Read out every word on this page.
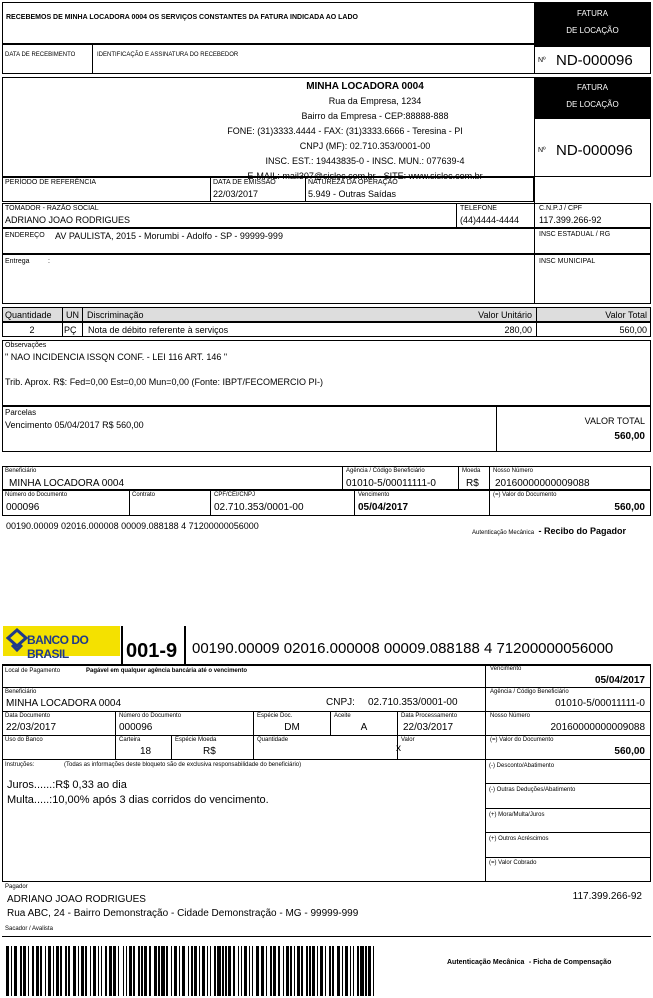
RECEBEMOS DE MINHA LOCADORA 0004 OS SERVIÇOS CONSTANTES DA FATURA INDICADA AO LADO
DATA DE RECEBIMENTO	IDENTIFICAÇÃO E ASSINATURA DO RECEBEDOR
FATURA
DE LOCAÇÃO
Nº ND-000096
MINHA LOCADORA 0004
Rua da Empresa, 1234
Bairro da Empresa - CEP:88888-888
FONE: (31)3333.4444 - FAX: (31)3333.6666 - Teresina - PI
CNPJ (MF): 02.710.353/0001-00
INSC. EST.: 19443835-0 - INSC. MUN.: 077639-4
E-MAIL: mail307@sisloc.com.br - SITE: www.sisloc.com.br
FATURA
DE LOCAÇÃO
Nº ND-000096
PERÍODO DE REFERÊNCIA	DATA DE EMISSÃO
22/03/2017
NATUREZA DA OPERAÇÃO
5.949 - Outras Saídas
TOMADOR - RAZÃO SOCIAL
ADRIANO JOAO RODRIGUES
TELEFONE
(44)4444-4444
C.N.P.J / CPF
117.399.266-92
ENDEREÇO AV PAULISTA, 2015 - Morumbi - Adolfo - SP - 99999-999	INSC ESTADUAL / RG
Entrega	:	INSC MUNICIPAL
Quantidade UN Discriminação	Valor Unitário	Valor Total
2	PÇ Nota de débito referente à serviços	280,00	560,00
Observações
" NAO INCIDENCIA ISSQN CONF. - LEI 116 ART. 146 "
Trib. Aprox. R$: Fed=0,00 Est=0,00 Mun=0,00 (Fonte: IBPT/FECOMERCIO PI-)
Parcelas
Vencimento 05/04/2017 R$ 560,00	VALOR TOTAL
560,00
Beneficiário
MINHA LOCADORA 0004
Agência / Código Beneficiário
01010-5/00011111-0
Moeda
R$
Nosso Número
20160000000009088
Número do Documento
000096
Contrato	CPF/CEI/CNPJ
02.710.353/0001-00
Vencimento
05/04/2017
(=) Valor do Documento
560,00
00190.00009 02016.000008 00009.088188 4 71200000056000
Autenticação Mecânica - Recibo do Pagador
BANCO DO BRASIL	001-9 00190.00009 02016.000008 00009.088188 4 71200000056000
Local de Pagamento	Pagável em qualquer agência bancária até o vencimento	Vencimento
05/04/2017
Beneficiário
MINHA LOCADORA 0004	CNPJ: 02.710.353/0001-00
Agência / Código Beneficiário
01010-5/00011111-0
Data Documento
22/03/2017
Número do Documento
000096
Espécie Doc.
DM
Aceite
A
Data Processamento
22/03/2017
Nosso Número
20160000000009088
Uso do Banco	Carteira
18
Espécie Moeda
R$
Quantidade
x
Valor	(=) Valor do Documento
560,00
Instruções:	(Todas as informações deste bloqueto são de exclusiva responsabilidade do beneficiário)
Juros......:R$ 0,33 ao dia
Multa.....:10,00% após 3 dias corridos do vencimento.
(-) Desconto/Abatimento
(-) Outras Deduções/Abatimento
(+) Mora/Multa/Juros
(+) Outros Acréscimos
(=) Valor Cobrado
Pagador
ADRIANO JOAO RODRIGUES
Rua ABC, 24 - Bairro Demonstração - Cidade Demonstração - MG - 99999-999
117.399.266-92
Sacador / Avalista
Autenticação Mecânica - Ficha de Compensação
